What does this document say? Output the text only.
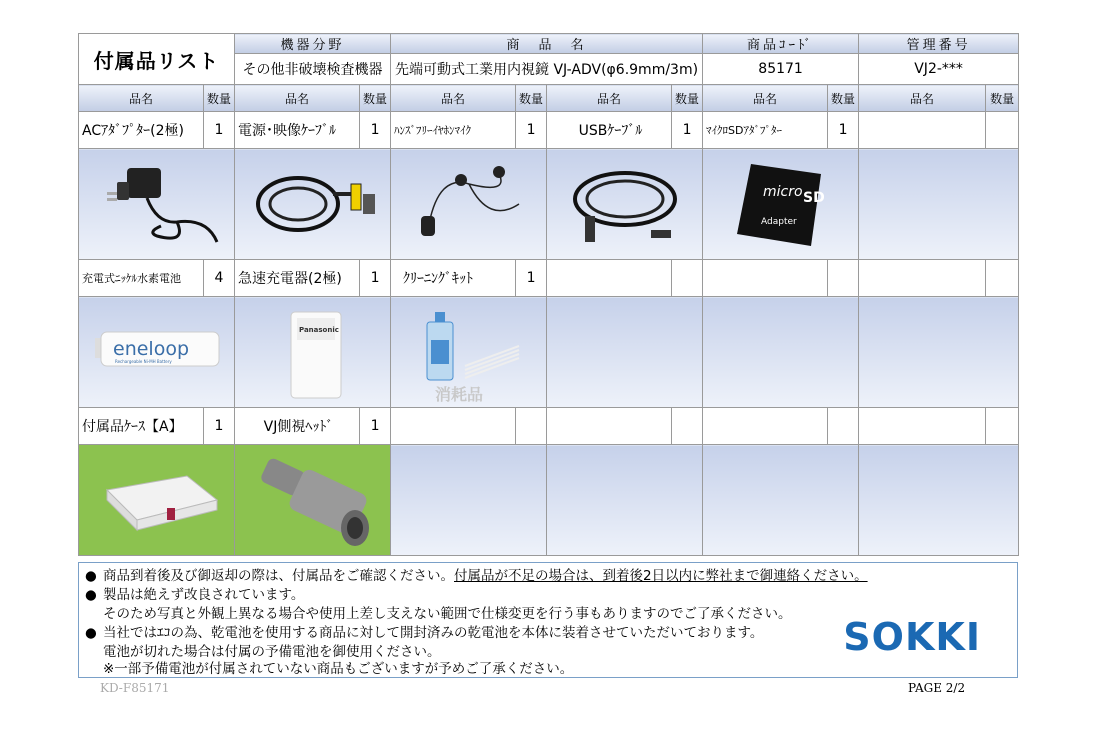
付属品リスト		機器分野		商　品　名				商品ｺｰﾄﾞ		管理番号	
		その他非破壊検査機器		先端可動式工業用内視鏡 VJ-ADV(φ6.9mm/3m)				85171		VJ2-***	
品名	数量	品名	数量	品名	数量	品名	数量	品名	数量	品名	数量
ACｱﾀﾞﾌﾟﾀｰ(2極)	1	電源･映像ｹｰﾌﾞﾙ	1	ﾊﾝｽﾞﾌﾘｰｲﾔﾎﾝﾏｲｸ	1	USBｹｰﾌﾞﾙ	1	ﾏｲｸﾛSDｱﾀﾞﾌﾟﾀｰ	1		

micro SD
Adapter			

充電式ﾆｯｹﾙ水素電池	4	急速充電器(2極)	1	ｸﾘｰﾆﾝｸﾞｷｯﾄ	1						

eneloop
Rechargeable Ni-MH Battery		Panasonic		消耗品							

付属品ｹｰｽ【A】	1	VJ側視ﾍｯﾄﾞ	1								

● 商品到着後及び御返却の際は、付属品をご確認ください。付属品が不足の場合は、到着後2日以内に弊社まで御連絡ください。
● 製品は絶えず改良されています。
そのため写真と外観上異なる場合や使用上差し支えない範囲で仕様変更を行う事もありますのでご了承ください。
● 当社ではｴｺの為、乾電池を使用する商品に対して開封済みの乾電池を本体に装着させていただいております。
電池が切れた場合は付属の予備電池を御使用ください。
※一部予備電池が付属されていない商品もございますが予めご了承ください。
SOKKI
KD-F85171	PAGE 2/2
